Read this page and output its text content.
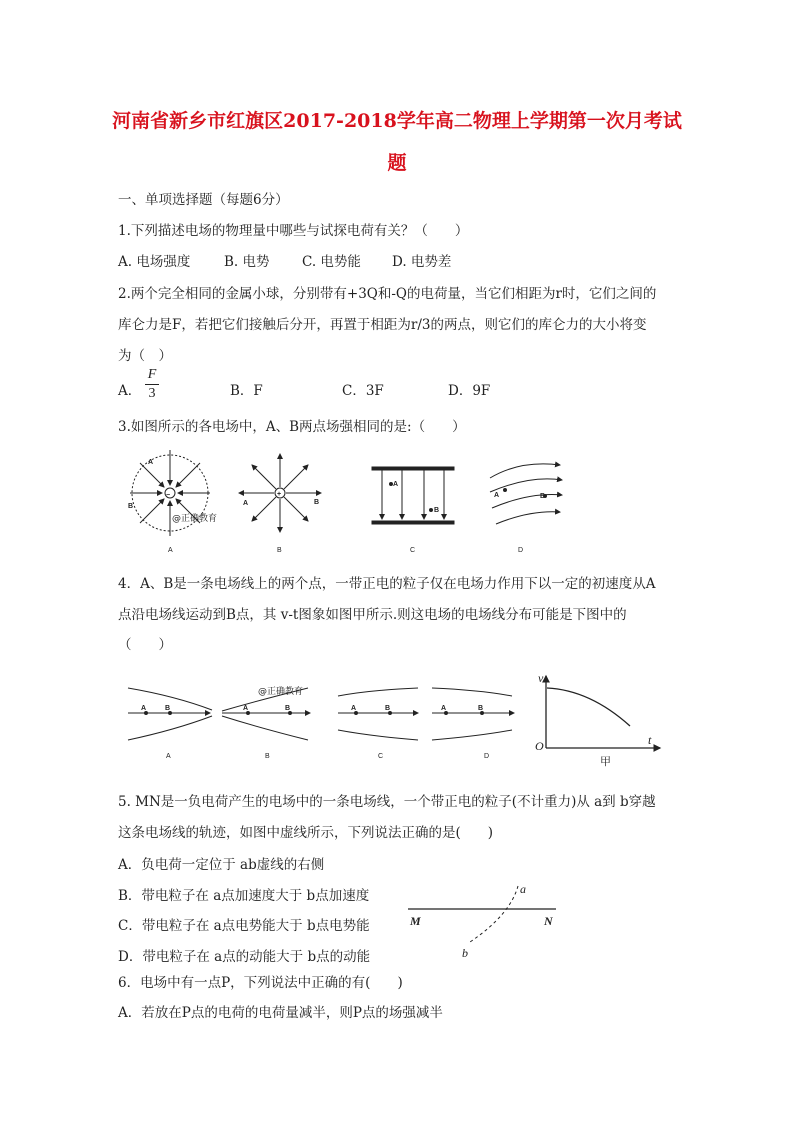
河南省新乡市红旗区2017-2018学年高二物理上学期第一次月考试
题
一、单项选择题（每题6分）
1.下列描述电场的物理量中哪些与试探电荷有关？（　　）
A. 电场强度 B. 电势 C. 电势能 D. 电势差
2.两个完全相同的金属小球，分别带有+3Q和-Q的电荷量，当它们相距为r时，它们之间的
库仑力是F，若把它们接触后分开，再置于相距为r/3的两点，则它们的库仑力的大小将变
为（　）
A．
F
3	B．F	C．3F	D．9F
3.如图所示的各电场中，A、B两点场强相同的是:（　　）
−
A
B
@正确教育
A
+
A	B
B
A
B
C
A	B
D
A	B
A
@正确教育
A	B
B
A	B
C
A	B
D
v
t
O
甲
M	N
a
b
4．A、B是一条电场线上的两个点，一带正电的粒子仅在电场力作用下以一定的初速度从A
点沿电场线运动到B点，其 v-t图象如图甲所示.则这电场的电场线分布可能是下图中的
（　　）
5. MN是一负电荷产生的电场中的一条电场线，一个带正电的粒子(不计重力)从 a到 b穿越
这条电场线的轨迹，如图中虚线所示，下列说法正确的是(　　)
A．负电荷一定位于 ab虚线的右侧
B．带电粒子在 a点加速度大于 b点加速度
C．带电粒子在 a点电势能大于 b点电势能
D．带电粒子在 a点的动能大于 b点的动能
6．电场中有一点P，下列说法中正确的有(　　)
A．若放在P点的电荷的电荷量减半，则P点的场强减半
